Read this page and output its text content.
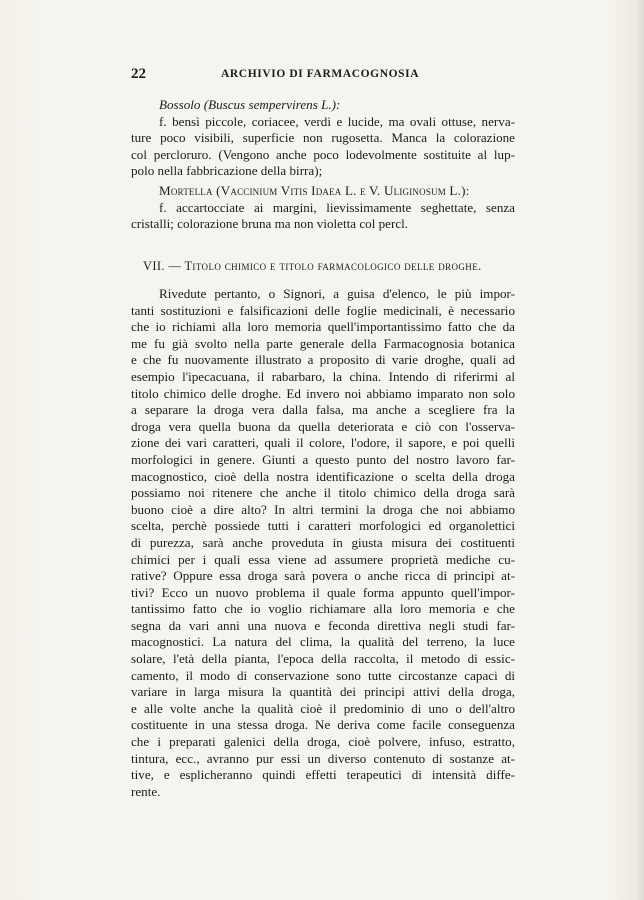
22	ARCHIVIO DI FARMACOGNOSIA
Bossolo (Buscus sempervirens L.):
f. bensì piccole, coriacee, verdi e lucide, ma ovali ottuse, nerva-
ture poco visibili, superficie non rugosetta. Manca la colorazione
col percloruro. (Vengono anche poco lodevolmente sostituite al lup-
polo nella fabbricazione della birra);
Mortella (Vaccinium Vitis Idaea L. e V. Uliginosum L.):
f. accartocciate ai margini, lievissimamente seghettate, senza
cristalli; colorazione bruna ma non violetta col percl.
VII. — Titolo chimico e titolo farmacologico delle droghe.
Rivedute pertanto, o Signori, a guisa d'elenco, le più impor-
tanti sostituzioni e falsificazioni delle foglie medicinali, è necessario
che io richiami alla loro memoria quell'importantissimo fatto che da
me fu già svolto nella parte generale della Farmacognosia botanica
e che fu nuovamente illustrato a proposito di varie droghe, quali ad
esempio l'ipecacuana, il rabarbaro, la china. Intendo di riferirmi al
titolo chimico delle droghe. Ed invero noi abbiamo imparato non solo
a separare la droga vera dalla falsa, ma anche a scegliere fra la
droga vera quella buona da quella deteriorata e ciò con l'osserva-
zione dei vari caratteri, quali il colore, l'odore, il sapore, e poi quelli
morfologici in genere. Giunti a questo punto del nostro lavoro far-
macognostico, cioè della nostra identificazione o scelta della droga
possiamo noi ritenere che anche il titolo chimico della droga sarà
buono cioè a dire alto? In altri termini la droga che noi abbiamo
scelta, perchè possiede tutti i caratteri morfologici ed organolettici
di purezza, sarà anche proveduta in giusta misura dei costituenti
chimici per i quali essa viene ad assumere proprietà mediche cu-
rative? Oppure essa droga sarà povera o anche ricca di principi at-
tivi? Ecco un nuovo problema il quale forma appunto quell'impor-
tantissimo fatto che io voglio richiamare alla loro memoria e che
segna da vari anni una nuova e feconda direttiva negli studi far-
macognostici. La natura del clima, la qualità del terreno, la luce
solare, l'età della pianta, l'epoca della raccolta, il metodo di essic-
camento, il modo di conservazione sono tutte circostanze capaci di
variare in larga misura la quantità dei principi attivi della droga,
e alle volte anche la qualità cioè il predominio di uno o dell'altro
costituente in una stessa droga. Ne deriva come facile conseguenza
che i preparati galenici della droga, cioè polvere, infuso, estratto,
tintura, ecc., avranno pur essi un diverso contenuto di sostanze at-
tive, e esplicheranno quindi effetti terapeutici di intensità diffe-
rente.
